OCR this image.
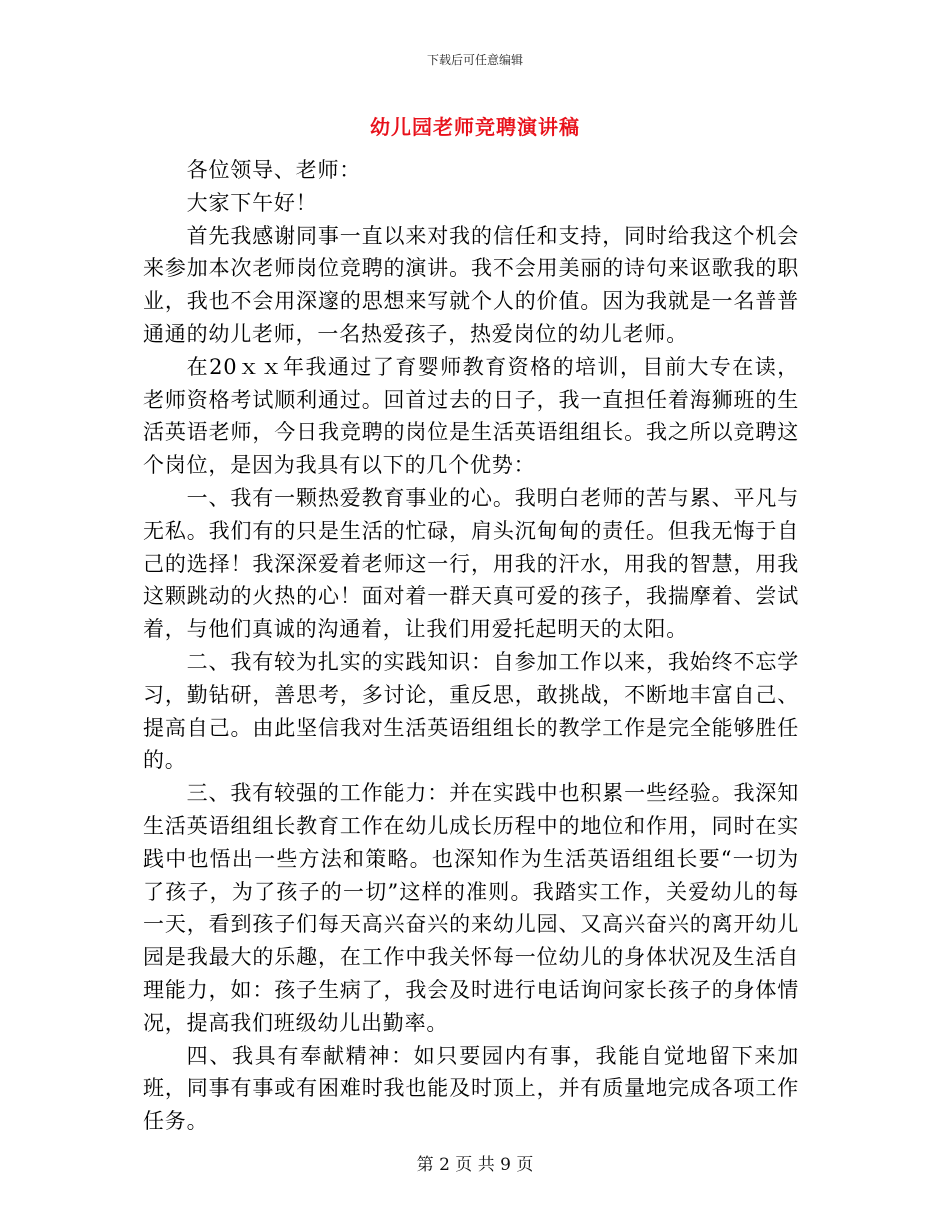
下载后可任意编辑
幼儿园老师竞聘演讲稿

各位领导、老师：

大家下午好！

首先我感谢同事一直以来对我的信任和支持，同时给我这个机会来参加本次老师岗位竞聘的演讲。我不会用美丽的诗句来讴歌我的职业，我也不会用深邃的思想来写就个人的价值。因为我就是一名普普通通的幼儿老师，一名热爱孩子，热爱岗位的幼儿老师。

在20ｘｘ年我通过了育婴师教育资格的培训，目前大专在读，老师资格考试顺利通过。回首过去的日子，我一直担任着海狮班的生活英语老师，今日我竞聘的岗位是生活英语组组长。我之所以竞聘这个岗位，是因为我具有以下的几个优势：

一、我有一颗热爱教育事业的心。我明白老师的苦与累、平凡与无私。我们有的只是生活的忙碌，肩头沉甸甸的责任。但我无悔于自己的选择！我深深爱着老师这一行，用我的汗水，用我的智慧，用我这颗跳动的火热的心！面对着一群天真可爱的孩子，我揣摩着、尝试着，与他们真诚的沟通着，让我们用爱托起明天的太阳。

二、我有较为扎实的实践知识：自参加工作以来，我始终不忘学习，勤钻研，善思考，多讨论，重反思，敢挑战，不断地丰富自己、提高自己。由此坚信我对生活英语组组长的教学工作是完全能够胜任的。

三、我有较强的工作能力：并在实践中也积累一些经验。我深知生活英语组组长教育工作在幼儿成长历程中的地位和作用，同时在实践中也悟出一些方法和策略。也深知作为生活英语组组长要“一切为了孩子，为了孩子的一切”这样的准则。我踏实工作，关爱幼儿的每一天，看到孩子们每天高兴奋兴的来幼儿园、又高兴奋兴的离开幼儿园是我最大的乐趣，在工作中我关怀每一位幼儿的身体状况及生活自理能力，如：孩子生病了，我会及时进行电话询问家长孩子的身体情况，提高我们班级幼儿出勤率。

四、我具有奉献精神：如只要园内有事，我能自觉地留下来加班，同事有事或有困难时我也能及时顶上，并有质量地完成各项工作任务。

第 2 页 共 9 页
